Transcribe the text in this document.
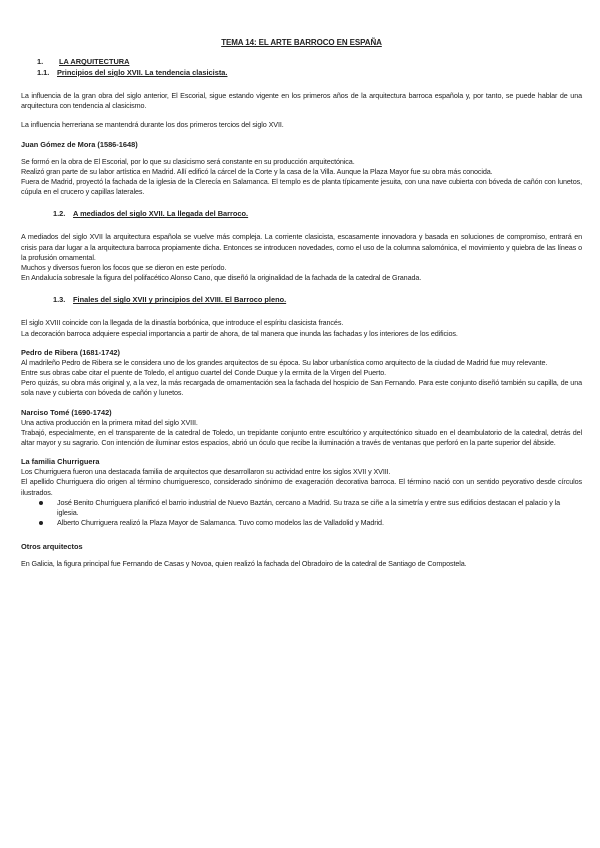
TEMA 14: EL ARTE BARROCO EN ESPAÑA
1. LA ARQUITECTURA
1.1. Principios del siglo XVII. La tendencia clasicista.

La influencia de la gran obra del siglo anterior, El Escorial, sigue estando vigente en los primeros años de la arquitectura barroca española y, por tanto, se puede hablar de una arquitectura con tendencia al clasicismo.

La influencia herreriana se mantendrá durante los dos primeros tercios del siglo XVII.

Juan Gómez de Mora (1586-1648)

Se formó en la obra de El Escorial, por lo que su clasicismo será constante en su producción arquitectónica.

Realizó gran parte de su labor artística en Madrid. Allí edificó la cárcel de la Corte y la casa de la Villa. Aunque la Plaza Mayor fue su obra más conocida.

Fuera de Madrid, proyectó la fachada de la iglesia de la Clerecía en Salamanca. El templo es de planta típicamente jesuita, con una nave cubierta con bóveda de cañón con lunetos, cúpula en el crucero y capillas laterales.

1.2. A mediados del siglo XVII. La llegada del Barroco.

A mediados del siglo XVII la arquitectura española se vuelve más compleja. La corriente clasicista, escasamente innovadora y basada en soluciones de compromiso, entrará en crisis para dar lugar a la arquitectura barroca propiamente dicha. Entonces se introducen novedades, como el uso de la columna salomónica, el movimiento y quiebra de las líneas o la profusión ornamental.

Muchos y diversos fueron los focos que se dieron en este período.

En Andalucía sobresale la figura del polifacético Alonso Cano, que diseñó la originalidad de la fachada de la catedral de Granada.

1.3. Finales del siglo XVII y principios del XVIII. El Barroco pleno.

El siglo XVIII coincide con la llegada de la dinastía borbónica, que introduce el espíritu clasicista francés.

La decoración barroca adquiere especial importancia a partir de ahora, de tal manera que inunda las fachadas y los interiores de los edificios.

Pedro de Ribera (1681-1742)

Al madrileño Pedro de Ribera se le considera uno de los grandes arquitectos de su época. Su labor urbanística como arquitecto de la ciudad de Madrid fue muy relevante.

Entre sus obras cabe citar el puente de Toledo, el antiguo cuartel del Conde Duque y la ermita de la Virgen del Puerto.

Pero quizás, su obra más original y, a la vez, la más recargada de ornamentación sea la fachada del hospicio de San Fernando. Para este conjunto diseñó también su capilla, de una sola nave y cubierta con bóveda de cañón y lunetos.

Narciso Tomé (1690-1742)

Una activa producción en la primera mitad del siglo XVIII.

Trabajó, especialmente, en el transparente de la catedral de Toledo, un trepidante conjunto entre escultórico y arquitectónico situado en el deambulatorio de la catedral, detrás del altar mayor y su sagrario. Con intención de iluminar estos espacios, abrió un óculo que recibe la iluminación a través de ventanas que perforó en la parte superior del ábside.

La familia Churriguera

Los Churriguera fueron una destacada familia de arquitectos que desarrollaron su actividad entre los siglos XVII y XVIII.

El apellido Churriguera dio origen al término churrigueresco, considerado sinónimo de exageración decorativa barroca. El término nació con un sentido peyorativo desde círculos ilustrados.

José Benito Churriguera planificó el barrio industrial de Nuevo Baztán, cercano a Madrid. Su traza se ciñe a la simetría y entre sus edificios destacan el palacio y la iglesia.
Alberto Churriguera realizó la Plaza Mayor de Salamanca. Tuvo como modelos las de Valladolid y Madrid.
Otros arquitectos

En Galicia, la figura principal fue Fernando de Casas y Novoa, quien realizó la fachada del Obradoiro de la catedral de Santiago de Compostela.
